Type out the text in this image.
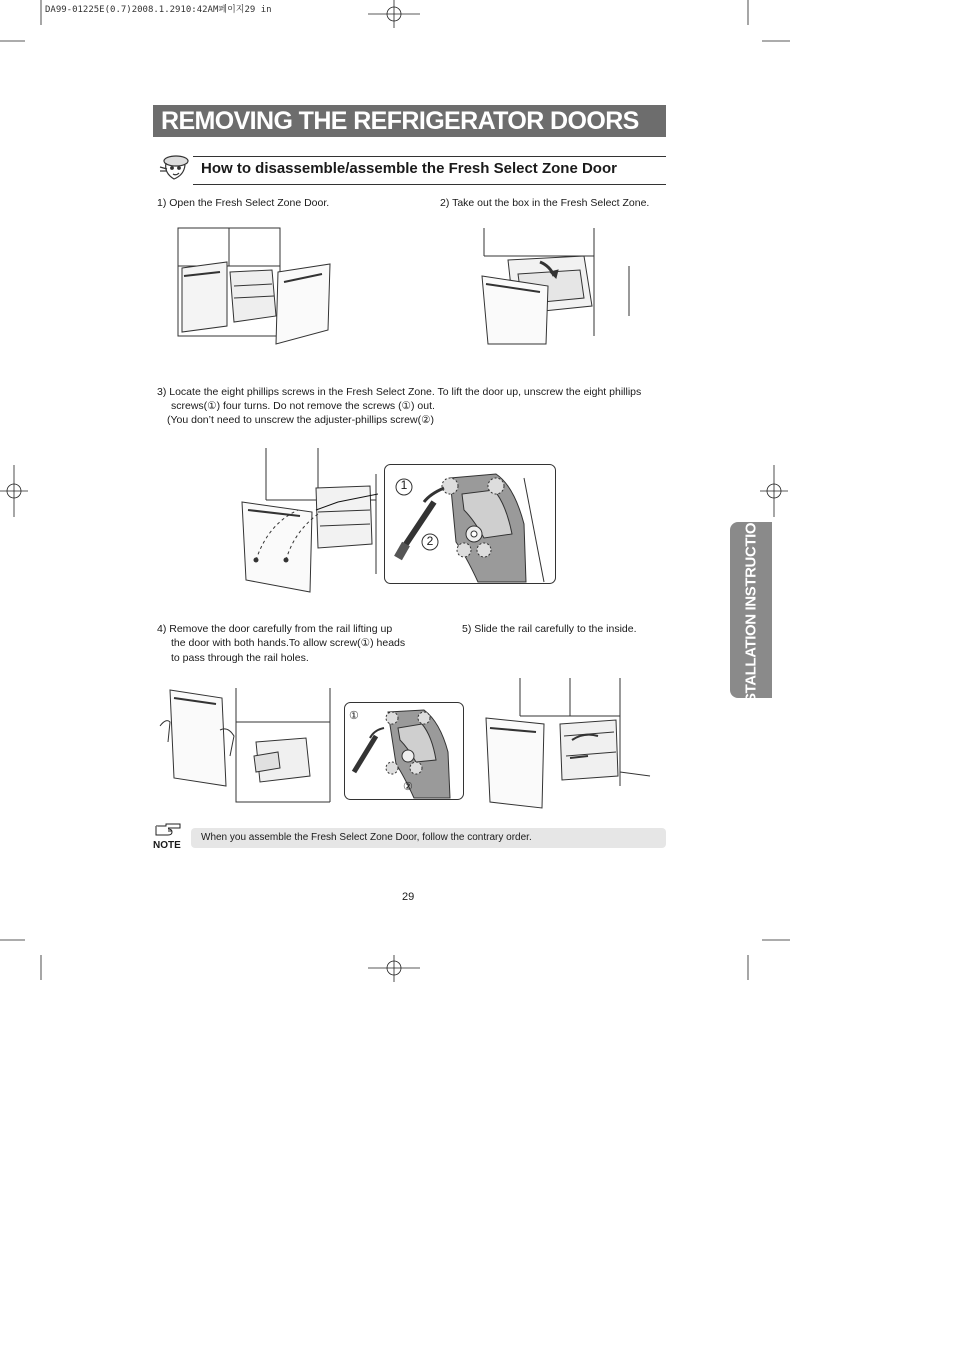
DA99-01225E(0.7)2008.1.2910:42AM페이지29 in
REMOVING THE REFRIGERATOR DOORS
How to disassemble/assemble the Fresh Select Zone Door
1) Open the Fresh Select Zone Door.	2) Take out the box in the Fresh Select Zone.
3) Locate the eight phillips screws in the Fresh Select Zone. To lift the door up, unscrew the eight phillips
screws(①) four turns. Do not remove the screws (①) out.
(You don’t need to unscrew the adjuster-phillips screw(②)
1
2
4) Remove the door carefully from the rail lifting up
the door with both hands.To allow screw(①) heads
to pass through the rail holes.
5) Slide the rail carefully to the inside.
①
②
INSTALLATION INSTRUCTIONS
NOTE
When you assemble the Fresh Select Zone Door, follow the contrary order.
29
